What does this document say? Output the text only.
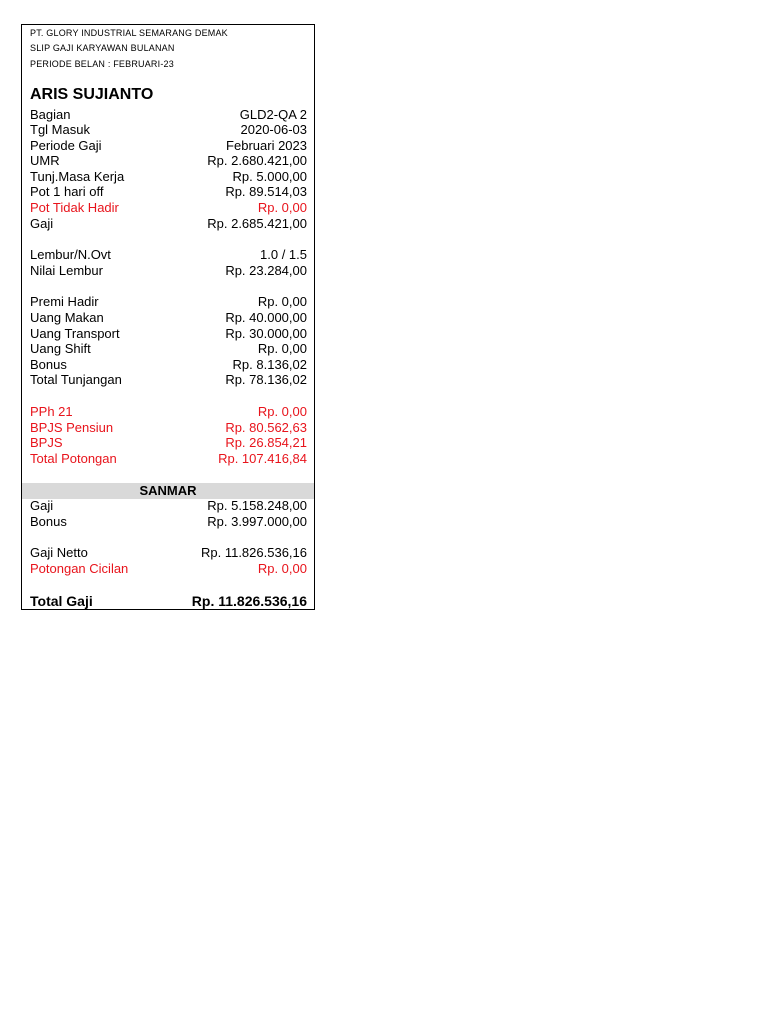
PT. GLORY INDUSTRIAL SEMARANG DEMAK
SLIP GAJI KARYAWAN BULANAN
PERIODE BELAN : FEBRUARI-23
ARIS SUJIANTO
Bagian	GLD2-QA 2
Tgl Masuk	2020-06-03
Periode Gaji	Februari 2023
UMR	Rp. 2.680.421,00
Tunj.Masa Kerja	Rp. 5.000,00
Pot 1 hari off	Rp. 89.514,03
Pot Tidak Hadir	Rp. 0,00
Gaji	Rp. 2.685.421,00
Lembur/N.Ovt	1.0 / 1.5
Nilai Lembur	Rp. 23.284,00
Premi Hadir	Rp. 0,00
Uang Makan	Rp. 40.000,00
Uang Transport	Rp. 30.000,00
Uang Shift	Rp. 0,00
Bonus	Rp. 8.136,02
Total Tunjangan	Rp. 78.136,02
PPh 21	Rp. 0,00
BPJS Pensiun	Rp. 80.562,63
BPJS	Rp. 26.854,21
Total Potongan	Rp. 107.416,84
SANMAR
Gaji	Rp. 5.158.248,00
Bonus	Rp. 3.997.000,00
Gaji Netto	Rp. 11.826.536,16
Potongan Cicilan	Rp. 0,00
Total Gaji	Rp. 11.826.536,16
